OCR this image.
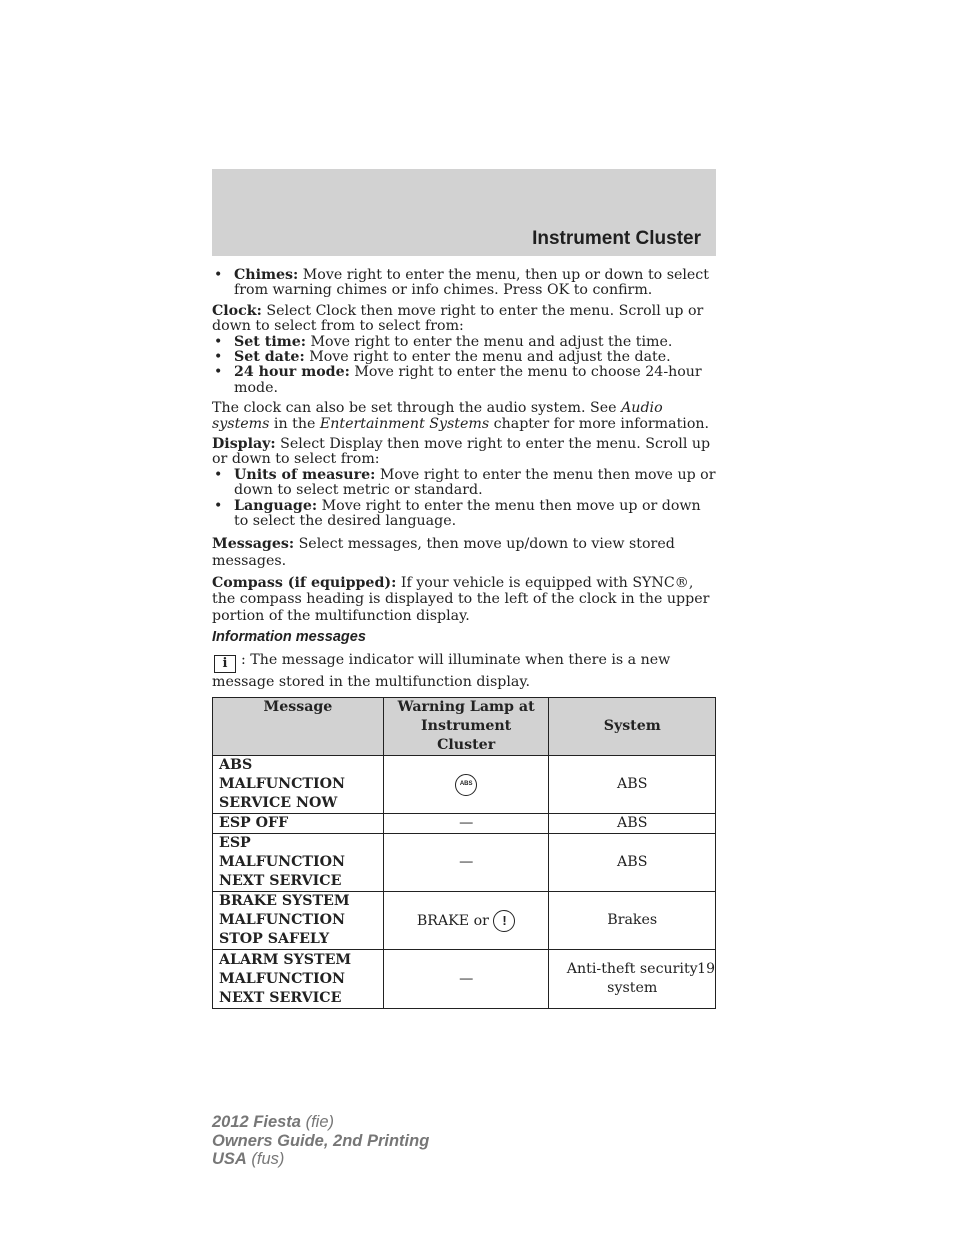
Instrument Cluster
• Chimes: Move right to enter the menu, then up or down to select from warning chimes or info chimes. Press OK to confirm.

Clock: Select Clock then move right to enter the menu. Scroll up or down to select from to select from:

• Set time: Move right to enter the menu and adjust the time.
• Set date: Move right to enter the menu and adjust the date.
• 24 hour mode: Move right to enter the menu to choose 24-hour mode.

The clock can also be set through the audio system. See Audio systems in the Entertainment Systems chapter for more information.

Display: Select Display then move right to enter the menu. Scroll up or down to select from:

• Units of measure: Move right to enter the menu then move up or down to select metric or standard.
• Language: Move right to enter the menu then move up or down to select the desired language.

Messages: Select messages, then move up/down to view stored messages.

Compass (if equipped): If your vehicle is equipped with SYNC®, the compass heading is displayed to the left of the clock in the upper portion of the multifunction display.

Information messages

i : The message indicator will illuminate when there is a new message stored in the multifunction display.

Message	Warning Lamp at Instrument Cluster	System
ABS MALFUNCTION SERVICE NOW	ABS	ABS
ESP OFF	—	ABS
ESP MALFUNCTION NEXT SERVICE	—	ABS
BRAKE SYSTEM MALFUNCTION STOP SAFELY	BRAKE or !	Brakes
ALARM SYSTEM MALFUNCTION NEXT SERVICE	—	Anti-theft security system
19
2012 Fiesta (fie)
Owners Guide, 2nd Printing
USA (fus)
